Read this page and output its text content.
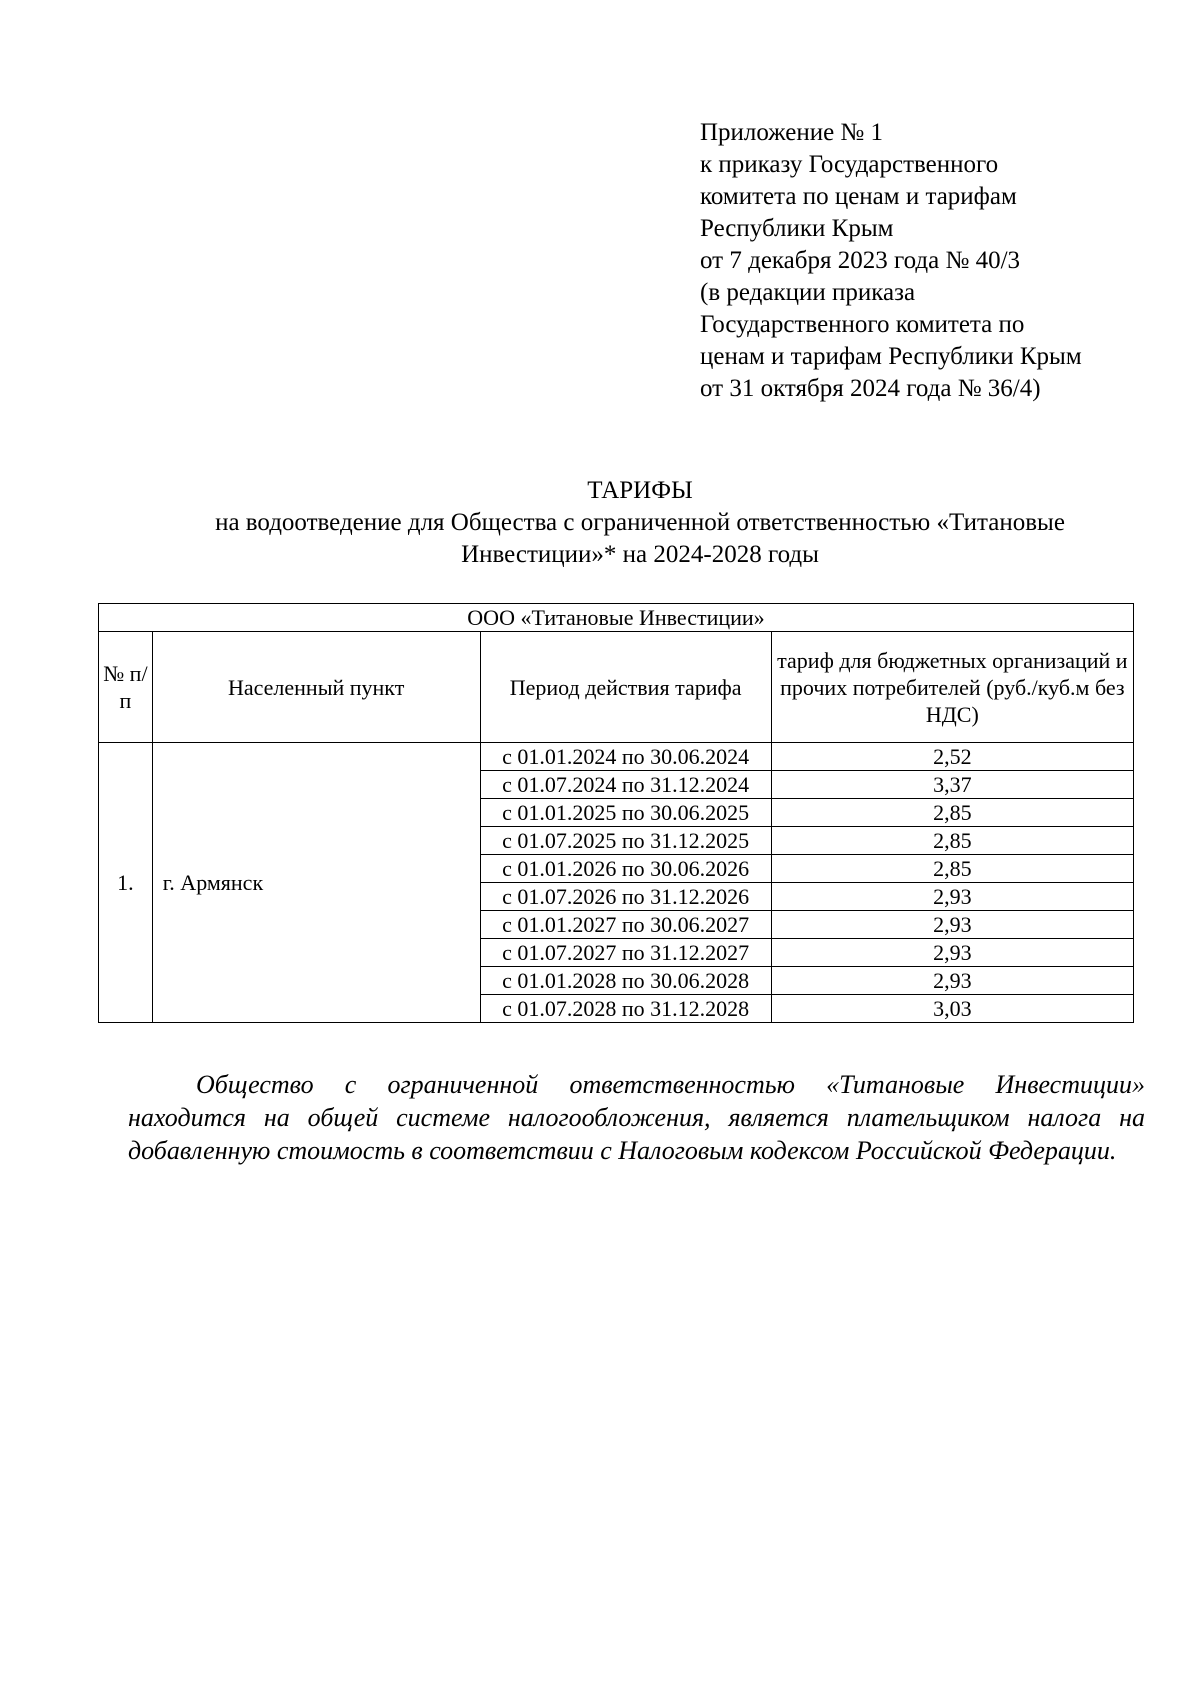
Приложение № 1
к приказу Государственного
комитета по ценам и тарифам
Республики Крым
от 7 декабря 2023 года № 40/3
(в редакции приказа
Государственного комитета по
ценам и тарифам Республики Крым
от 31 октября 2024 года № 36/4)
ТАРИФЫ
на водоотведение для Общества с ограниченной ответственностью «Титановые Инвестиции»* на 2024-2028 годы
ООО «Титановые Инвестиции»			
№ п/п	Населенный пункт	Период действия тарифа	тариф для бюджетных организаций и прочих потребителей (руб./куб.м без НДС)
1.	г. Армянск	с 01.01.2024 по 30.06.2024	2,52
		с 01.07.2024 по 31.12.2024	3,37
		с 01.01.2025 по 30.06.2025	2,85
		с 01.07.2025 по 31.12.2025	2,85
		с 01.01.2026 по 30.06.2026	2,85
		с 01.07.2026 по 31.12.2026	2,93
		с 01.01.2027 по 30.06.2027	2,93
		с 01.07.2027 по 31.12.2027	2,93
		с 01.01.2028 по 30.06.2028	2,93
		с 01.07.2028 по 31.12.2028	3,03
Общество с ограниченной ответственностью «Титановые Инвестиции» находится на общей системе налогообложения, является плательщиком налога на добавленную стоимость в соответствии с Налоговым кодексом Российской Федерации.
